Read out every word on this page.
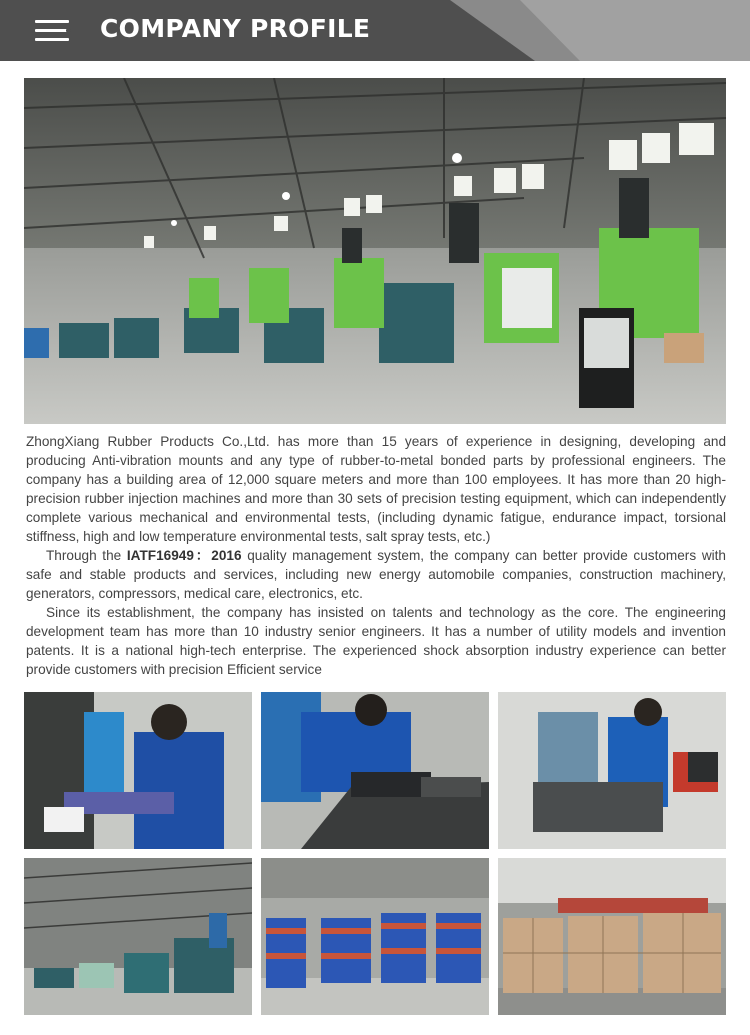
COMPANY PROFILE

ZhongXiang Rubber Products Co.,Ltd. has more than 15 years of experience in designing, developing and producing Anti-vibration mounts and any type of rubber-to-metal bonded parts by professional engineers. The company has a building area of 12,000 square meters and more than 100 employees. It has more than 20 high-precision rubber injection machines and more than 30 sets of precision testing equipment, which can independently complete various mechanical and environmental tests, (including dynamic fatigue, endurance impact, torsional stiffness, high and low temperature environmental tests, salt spray tests, etc.)

Through the IATF16949：2016 quality management system, the company can better provide customers with safe and stable products and services, including new energy automobile companies, construction machinery, generators, compressors, medical care, electronics, etc.

Since its establishment, the company has insisted on talents and technology as the core. The engineering development team has more than 10 industry senior engineers. It has a number of utility models and invention patents. It is a national high-tech enterprise. The experienced shock absorption industry experience can better provide customers with precision Efficient service
